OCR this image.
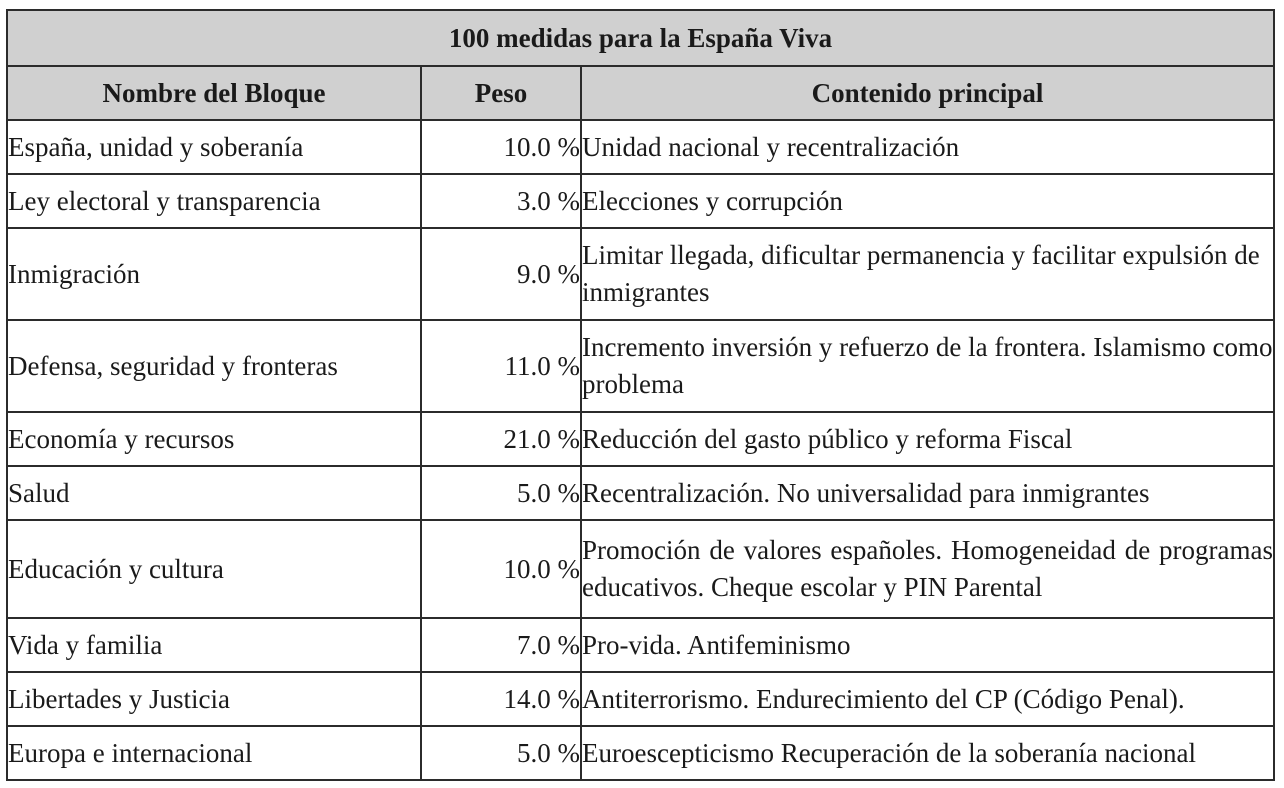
100 medidas para la España Viva		
Nombre del Bloque	Peso	Contenido principal
España, unidad y soberanía	10.0 %	Unidad nacional y recentralización
Ley electoral y transparencia	3.0 %	Elecciones y corrupción
Inmigración	9.0 %	Limitar llegada, dificultar permanencia y facilitar expulsión de inmigrantes
Defensa, seguridad y fronteras	11.0 %	Incremento inversión y refuerzo de la frontera. Islamismo como problema
Economía y recursos	21.0 %	Reducción del gasto público y reforma Fiscal
Salud	5.0 %	Recentralización. No universalidad para inmigrantes
Educación y cultura	10.0 %	Promoción de valores españoles. Homogeneidad de programas educativos. Cheque escolar y PIN Parental
Vida y familia	7.0 %	Pro-vida. Antifeminismo
Libertades y Justicia	14.0 %	Antiterrorismo. Endurecimiento del CP (Código Penal).
Europa e internacional	5.0 %	Euroescepticismo Recuperación de la soberanía nacional
